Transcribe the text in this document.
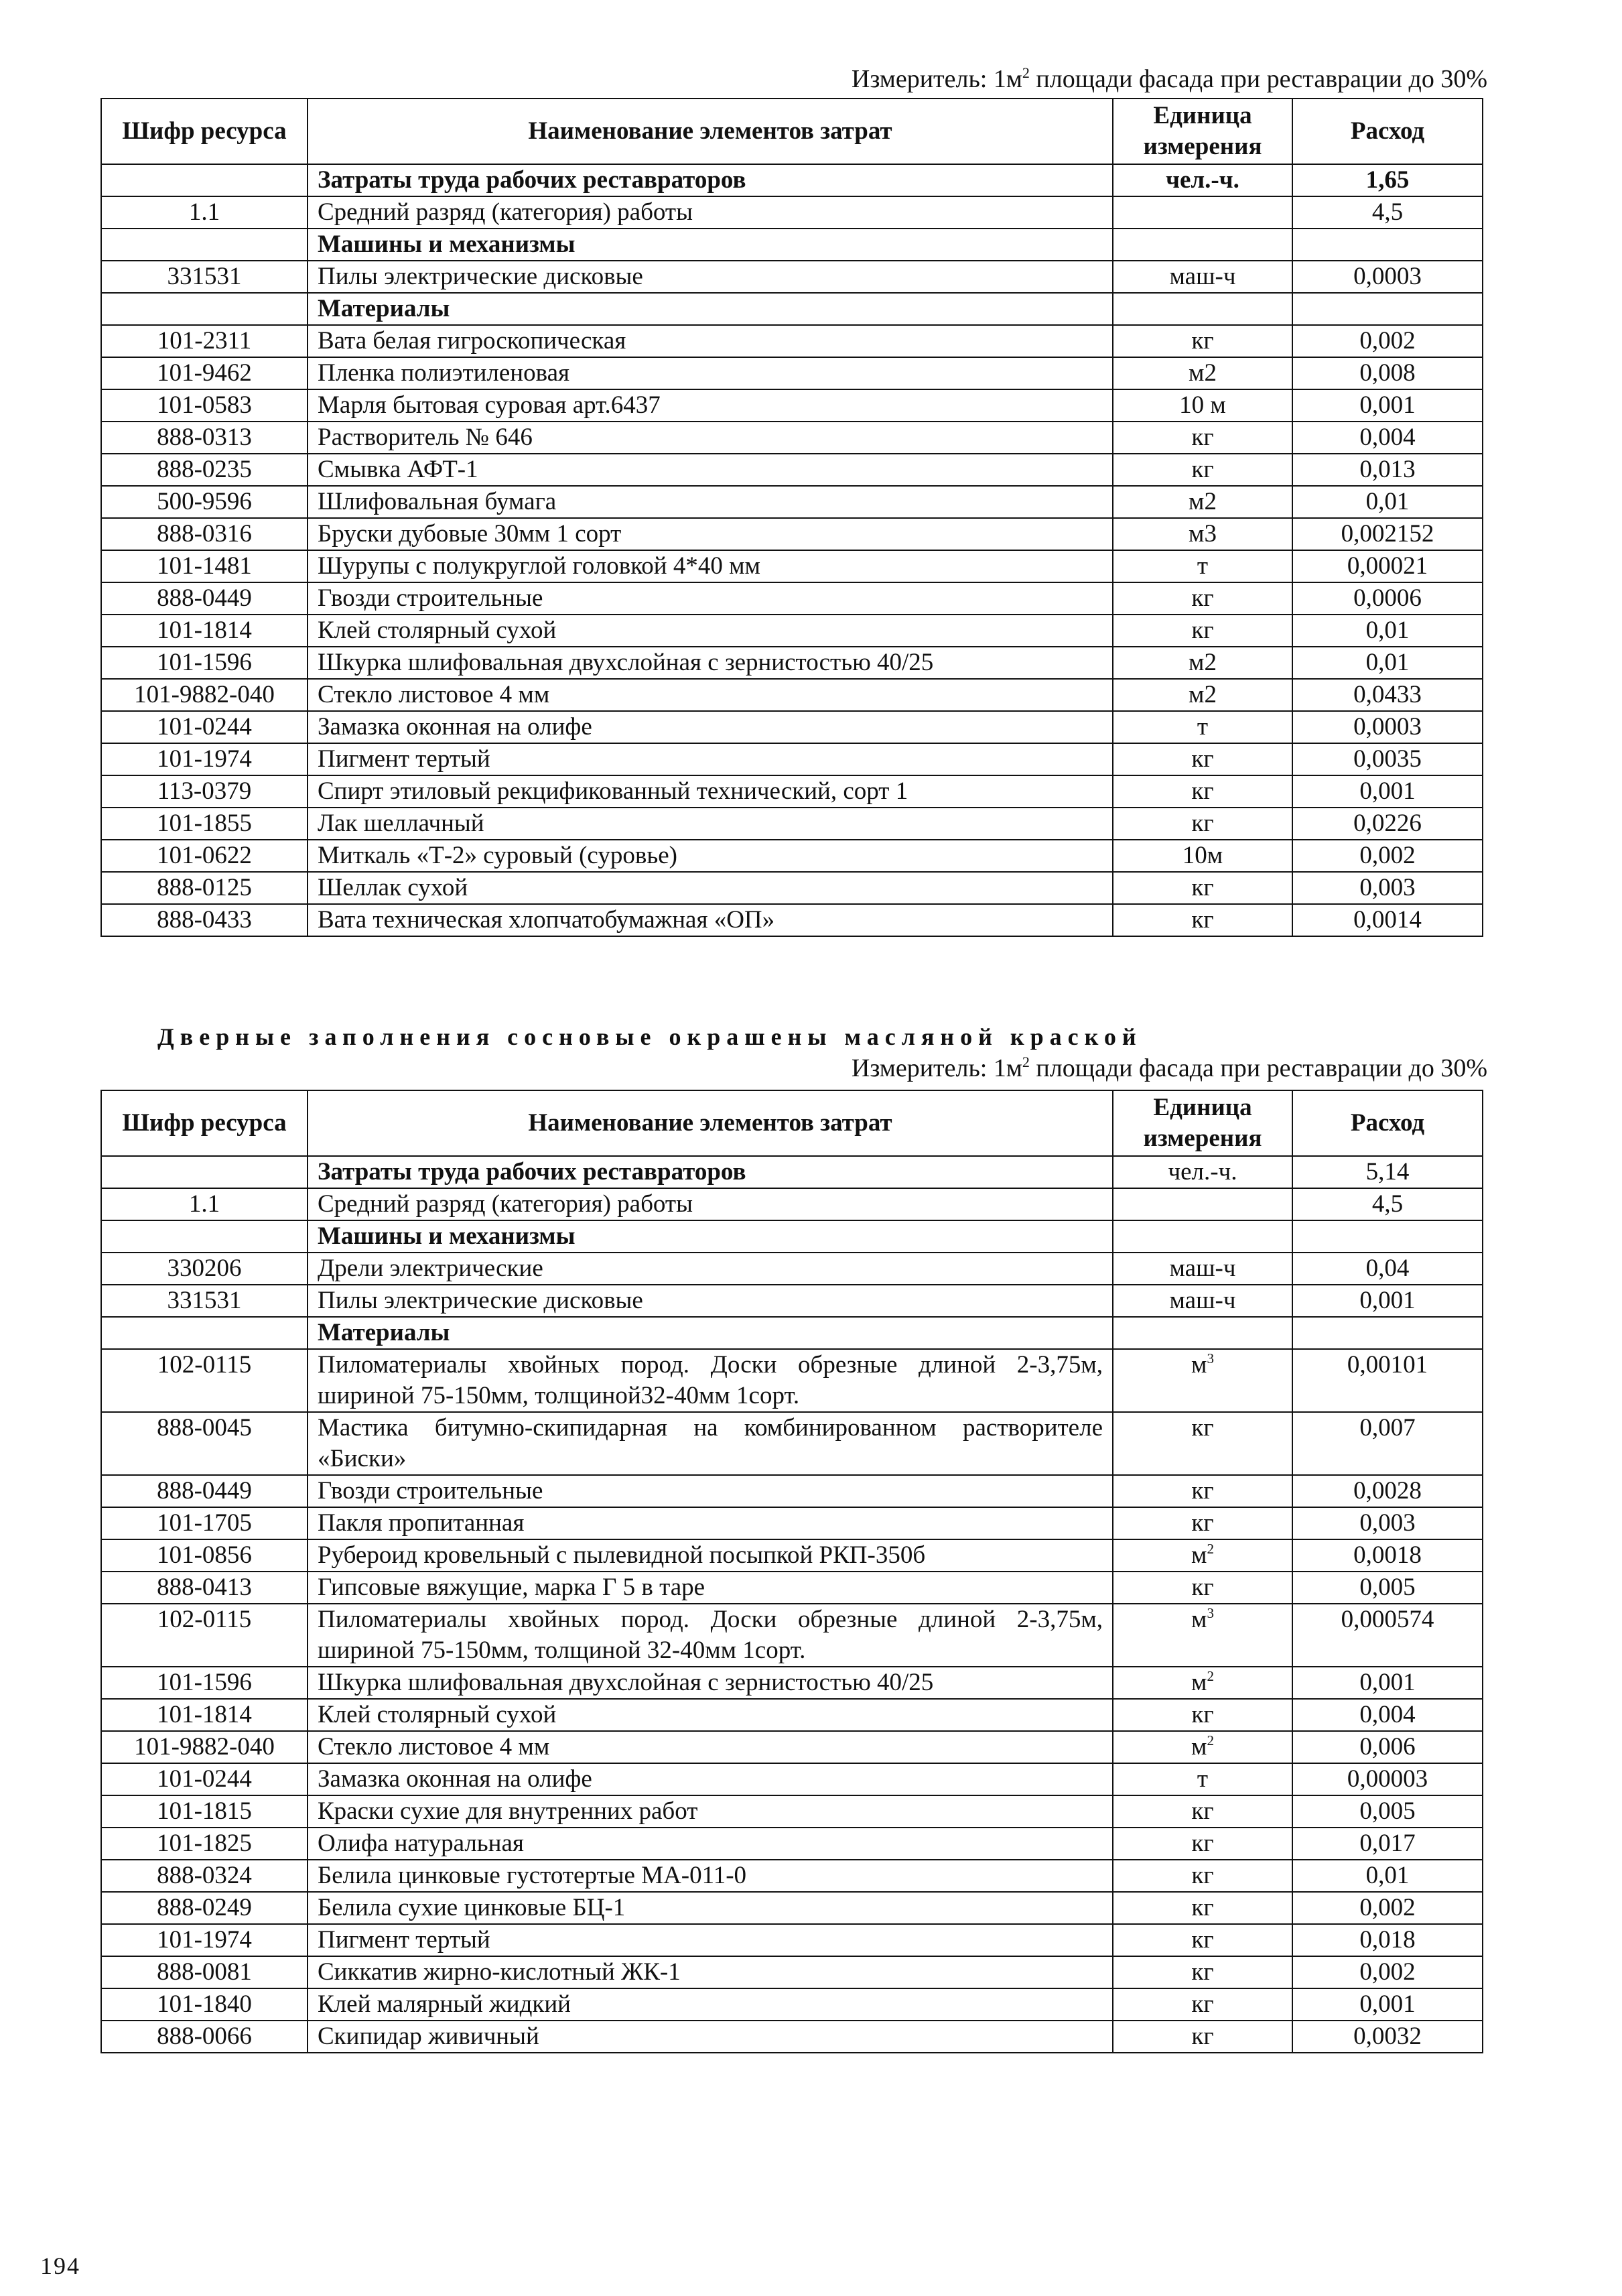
Измеритель: $1м^2$ площади фасада при реставрации до 30%
Шифр ресурса	Наименование элементов затрат	Единица измерения	Расход
	Затраты труда рабочих реставраторов	чел.-ч.	1,65
1.1	Средний разряд (категория) работы		4,5
	Машины и механизмы		
331531	Пилы электрические дисковые	маш-ч	0,0003
	Материалы		
101-2311	Вата белая гигроскопическая	кг	0,002
101-9462	Пленка полиэтиленовая	м2	0,008
101-0583	Марля бытовая суровая арт.6437	10 м	0,001
888-0313	Растворитель № 646	кг	0,004
888-0235	Смывка АФТ-1	кг	0,013
500-9596	Шлифовальная бумага	м2	0,01
888-0316	Бруски дубовые 30мм 1 сорт	м3	0,002152
101-1481	Шурупы с полукруглой головкой 4*40 мм	т	0,00021
888-0449	Гвозди строительные	кг	0,0006
101-1814	Клей столярный сухой	кг	0,01
101-1596	Шкурка шлифовальная двухслойная с зернистостью 40/25	м2	0,01
101-9882-040	Стекло листовое 4 мм	м2	0,0433
101-0244	Замазка оконная на олифе	т	0,0003
101-1974	Пигмент тертый	кг	0,0035
113-0379	Спирт этиловый рекцификованный технический, сорт 1	кг	0,001
101-1855	Лак шеллачный	кг	0,0226
101-0622	Миткаль «Т-2» суровый (суровье)	10м	0,002
888-0125	Шеллак сухой	кг	0,003
888-0433	Вата техническая хлопчатобумажная «ОП»	кг	0,0014
Дверные заполнения сосновые окрашены масляной краской
Измеритель: $1м^2$ площади фасада при реставрации до 30%
Шифр ресурса	Наименование элементов затрат	Единица измерения	Расход
	Затраты труда рабочих реставраторов	чел.-ч.	5,14
1.1	Средний разряд (категория) работы		4,5
	Машины и механизмы		
330206	Дрели электрические	маш-ч	0,04
331531	Пилы электрические дисковые	маш-ч	0,001
	Материалы		
102-0115	Пиломатериалы хвойных пород. Доски обрезные длиной 2-3,75м, шириной 75-150мм, толщиной32-40мм 1сорт.	$м^3$	0,00101
888-0045	Мастика битумно-скипидарная на комбинированном растворителе «Биски»	кг	0,007
888-0449	Гвозди строительные	кг	0,0028
101-1705	Пакля пропитанная	кг	0,003
101-0856	Рубероид кровельный с пылевидной посыпкой РКП-350б	$м^2$	0,0018
888-0413	Гипсовые вяжущие, марка Г 5 в таре	кг	0,005
102-0115	Пиломатериалы хвойных пород. Доски обрезные длиной 2-3,75м, шириной 75-150мм, толщиной 32-40мм 1сорт.	$м^3$	0,000574
101-1596	Шкурка шлифовальная двухслойная с зернистостью 40/25	$м^2$	0,001
101-1814	Клей столярный сухой	кг	0,004
101-9882-040	Стекло листовое 4 мм	$м^2$	0,006
101-0244	Замазка оконная на олифе	т	0,00003
101-1815	Краски сухие для внутренних работ	кг	0,005
101-1825	Олифа натуральная	кг	0,017
888-0324	Белила цинковые густотертые МА-011-0	кг	0,01
888-0249	Белила сухие цинковые БЦ-1	кг	0,002
101-1974	Пигмент тертый	кг	0,018
888-0081	Сиккатив жирно-кислотный ЖК-1	кг	0,002
101-1840	Клей малярный жидкий	кг	0,001
888-0066	Скипидар живичный	кг	0,0032
194
